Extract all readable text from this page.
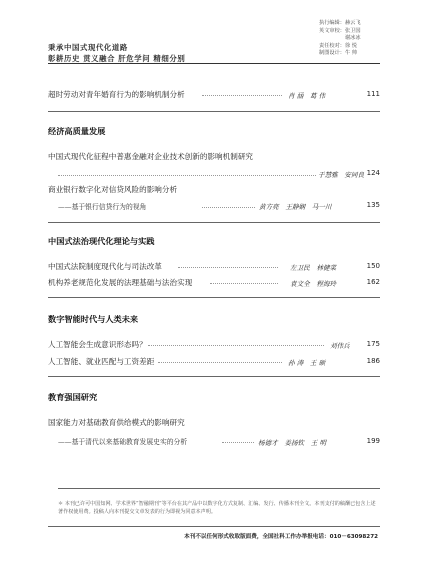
执行编辑：赫云飞
英文审校：张卫国
　　　　　谢冰冰
责任校对：徐 悦
制图设计：牛 帅
秉承中国式现代化道路
彰耕历史 贯义融合 肝危学问 精细分别
超时劳动对青年婚育行为的影响机制分析	肖 涵　葛 伟	111
经济高质量发展
中国式现代化征程中普惠金融对企业技术创新的影响机制研究
于慧雅　安同良 124
商业银行数字化对信贷风险的影响分析
——基于银行信贷行为的视角	黄方亮　王静娴　马一川	135
中国式法治现代化理论与实践
中国式法院制度现代化与司法改革	左卫民　林健菜	150
机构养老规范化发展的法理基础与法治实现	袁文全　程海玲	162
数字智能时代与人类未来
人工智能会生成意识形态吗？	刘伟兵 175
人工智能、就业匹配与工资差距	孙 涛　王 硕	186
教育强国研究
国家能力对基础教育供给模式的影响研究
——基于清代以来基础教育发展史实的分析	杨德才　姜扬钦　王 明	199
＊ 本刊已许可中国知网、学术世界”智融期刊”等平台在其产品中以数字化方式复制、汇编、发行、传播本刊全文。本刊支付的稿酬已包含上述著作权使用费。投稿人向本刊提交文章发表的行为即视为同意本声明。
本刊不以任何形式收取版面费，全国社科工作办举报电话：010－63098272
